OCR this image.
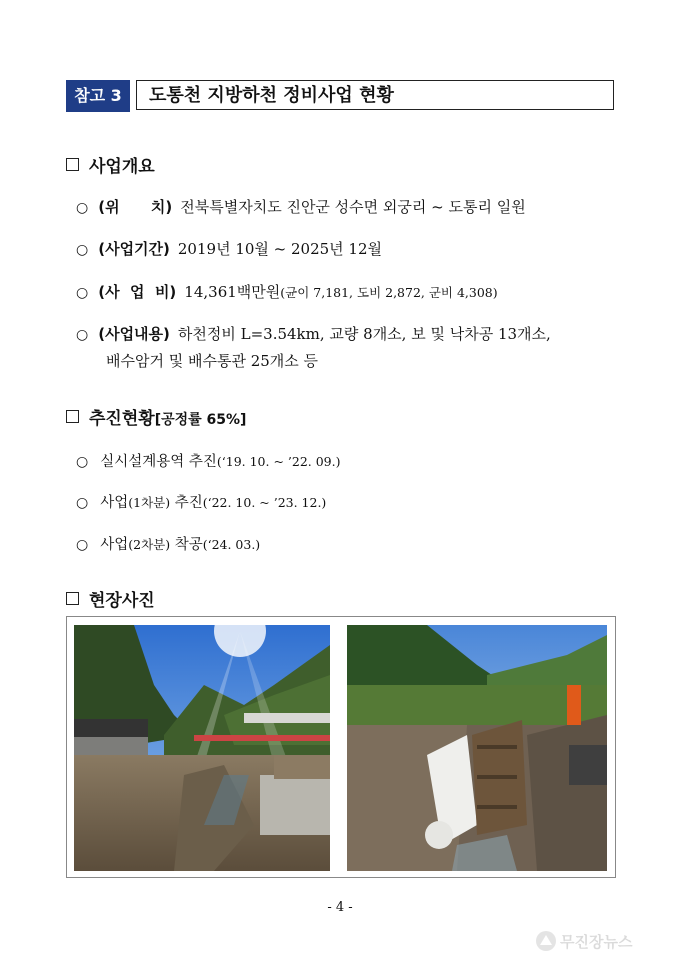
참고 3	도통천 지방하천 정비사업 현황
사업개요
○ (위      치) 전북특별자치도 진안군 성수면 외궁리 ~ 도통리 일원
○ (사업기간) 2019년 10월 ~ 2025년 12월
○ (사  업  비) 14,361백만원(균이 7,181, 도비 2,872, 군비 4,308)
○ (사업내용) 하천정비 L=3.54km, 교량 8개소, 보 및 낙차공 13개소,
배수암거 및 배수통관 25개소 등
추진현황[공정률 65%]
○ 실시설계용역 추진(‘19. 10. ~ ’22. 09.)
○ 사업(1차분) 추진(‘22. 10. ~ ’23. 12.)
○ 사업(2차분) 착공(‘24. 03.)
현장사진
- 4 -
무진장뉴스
